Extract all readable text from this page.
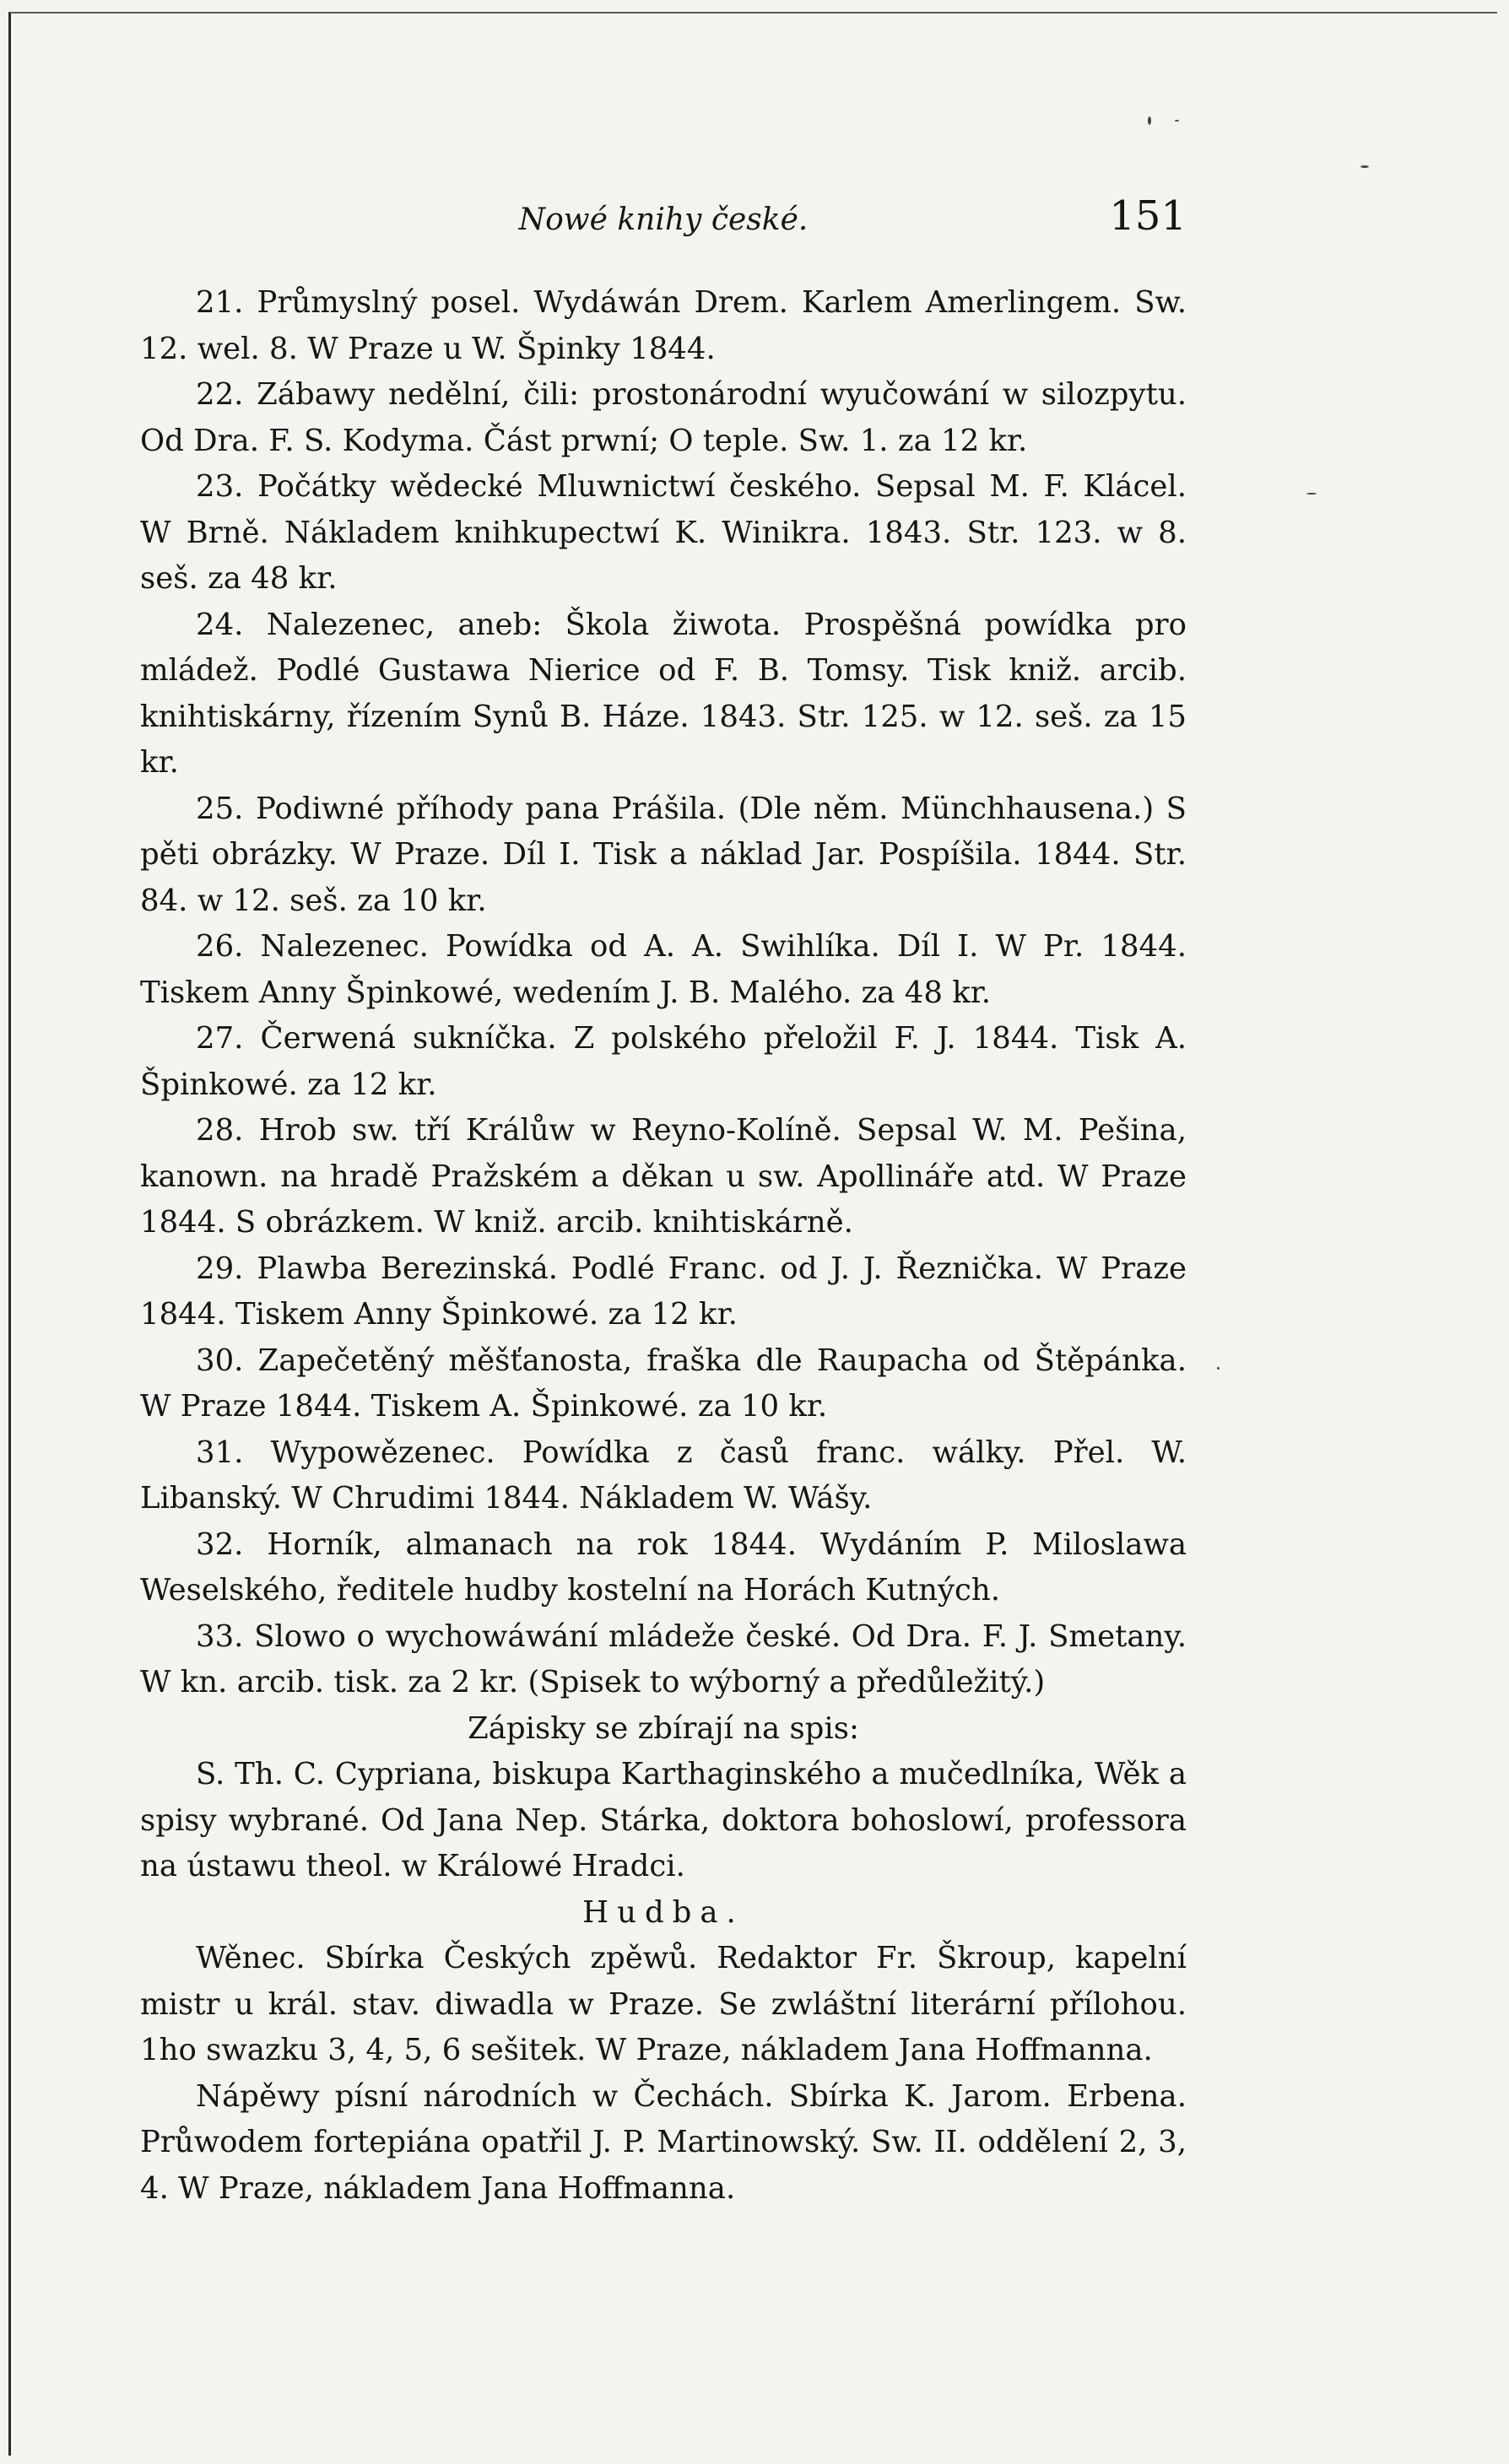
Nowé knihy české.	151

21. Průmyslný posel. Wydáwán Drem. Karlem Amerlingem. Sw. 12. wel. 8. W Praze u W. Špinky 1844.

22. Zábawy nedělní, čili: prostonárodní wyučowání w silozpytu. Od Dra. F. S. Kodyma. Část prwní; O teple. Sw. 1. za 12 kr.

23. Počátky wědecké Mluwnictwí českého. Sepsal M. F. Klácel. W Brně. Nákladem knihkupectwí K. Winikra. 1843. Str. 123. w 8. seš. za 48 kr.

24. Nalezenec, aneb: Škola žiwota. Prospěšná powídka pro mládež. Podlé Gustawa Nierice od F. B. Tomsy. Tisk kniž. arcib. knihtiskárny, řízením Synů B. Háze. 1843. Str. 125. w 12. seš. za 15 kr.

25. Podiwné příhody pana Prášila. (Dle něm. Münchhausena.) S pěti obrázky. W Praze. Díl I. Tisk a náklad Jar. Pospíšila. 1844. Str. 84. w 12. seš. za 10 kr.

26. Nalezenec. Powídka od A. A. Swihlíka. Díl I. W Pr. 1844. Tiskem Anny Špinkowé, wedením J. B. Malého. za 48 kr.

27. Čerwená sukníčka. Z polského přeložil F. J. 1844. Tisk A. Špinkowé. za 12 kr.

28. Hrob sw. tří Králůw w Reyno-Kolíně. Sepsal W. M. Pešina, kanown. na hradě Pražském a děkan u sw. Apollináře atd. W Praze 1844. S obrázkem. W kniž. arcib. knihtiskárně.

29. Plawba Berezinská. Podlé Franc. od J. J. Řeznička. W Praze 1844. Tiskem Anny Špinkowé. za 12 kr.

30. Zapečetěný měšťanosta, fraška dle Raupacha od Štěpánka. W Praze 1844. Tiskem A. Špinkowé. za 10 kr.

31. Wypowězenec. Powídka z časů franc. wálky. Přel. W. Libanský. W Chrudimi 1844. Nákladem W. Wášy.

32. Horník, almanach na rok 1844. Wydáním P. Miloslawa Weselského, ředitele hudby kostelní na Horách Kutných.

33. Slowo o wychowáwání mládeže české. Od Dra. F. J. Smetany. W kn. arcib. tisk. za 2 kr. (Spisek to wýborný a předůležitý.)

Zápisky se zbírají na spis:

S. Th. C. Cypriana, biskupa Karthaginského a mučedlníka, Wěk a spisy wybrané. Od Jana Nep. Stárka, doktora bohoslowí, professora na ústawu theol. w Králowé Hradci.

Hudba.

Wěnec. Sbírka Českých zpěwů. Redaktor Fr. Škroup, kapelní mistr u král. stav. diwadla w Praze. Se zwláštní literární přílohou. 1ho swazku 3, 4, 5, 6 sešitek. W Praze, nákladem Jana Hoffmanna.

Nápěwy písní národních w Čechách. Sbírka K. Jarom. Erbena. Průwodem fortepiána opatřil J. P. Martinowský. Sw. II. oddělení 2, 3, 4. W Praze, nákladem Jana Hoffmanna.
